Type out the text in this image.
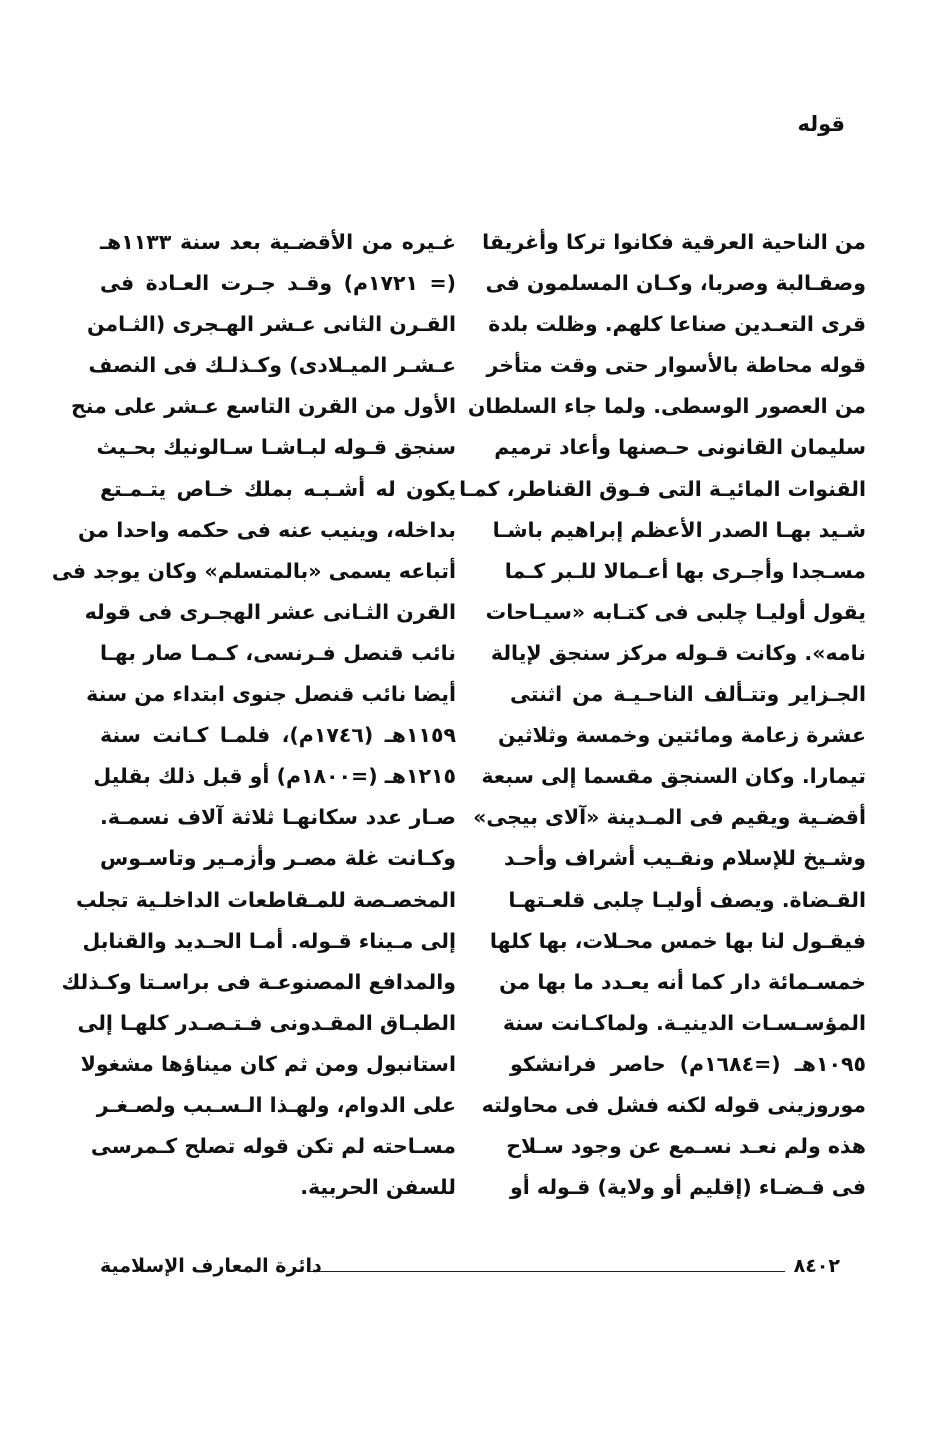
قوله
من الناحية العرقية فكانوا تركا وأغريقا
وصقـالبة وصربا، وكـان المسلمون فى
قرى التعـدين صناعا كلهم. وظلت بلدة
قوله محاطة بالأسوار حتى وقت متأخر
من العصور الوسطى. ولما جاء السلطان
سليمان القانونى حـصنها وأعاد ترميم
القنوات المائيـة التى فـوق القناطر، كمـا
شـيد بهـا الصدر الأعظم إبراهيم باشـا
مسـجدا وأجـرى بها أعـمالا للـبر كـما
يقول أوليـا چلبى فى كتـابه «سيـاحات
نامه». وكانت قـوله مركز سنجق لإيالة
الجـزاير وتتـألف الناحـيـة من اثنتى
عشرة زعامة ومائتين وخمسة وثلاثين
تيمارا. وكان السنجق مقسما إلى سبعة
أقضـية ويقيم فى المـدينة «آلاى بيجى»
وشـيخ للإسلام ونقـيب أشراف وأحـد
القـضاة. ويصف أوليـا چلبى قلعـتهـا
فيقـول لنا بها خمس محـلات، بها كلها
خمسـمائة دار كما أنه يعـدد ما بها من
المؤسـسـات الدينيـة. ولماكـانت سنة
١٠٩٥هـ (=١٦٨٤م) حاصر فرانشكو
موروزينى قوله لكنه فشل فى محاولته
هذه ولم نعـد نسـمع عن وجود سـلاح
فى قـضـاء (إقليم أو ولاية) قـوله أو
غـيره من الأقضـية بعد سنة ١١٣٣هـ
(= ١٧٢١م) وقـد جـرت العـادة فى
القـرن الثانى عـشر الهـجرى (الثـامن
عـشـر الميـلادى) وكـذلـك فى النصف
الأول من القرن التاسع عـشر على منح
سنجق قـوله لبـاشـا سـالونيك بحـيث
يكون له أشـبـه بملك خـاص يتـمـتع
بداخله، وينيب عنه فى حكمه واحدا من
أتباعه يسمى «بالمتسلم» وكان يوجد فى
القرن الثـانى عشر الهجـرى فى قوله
نائب قنصل فـرنسى، كـمـا صار بهـا
أيضا نائب قنصل جنوى ابتداء من سنة
١١٥٩هـ (١٧٤٦م)، فلمـا كـانت سنة
١٢١٥هـ (=١٨٠٠م) أو قبل ذلك بقليل
صـار عدد سكانهـا ثلاثة آلاف نسمـة.
وكـانت غلة مصـر وأزمـير وتاسـوس
المخصـصة للمـقاطعات الداخلـية تجلب
إلى مـيناء قـوله. أمـا الحـديد والقنابل
والمدافع المصنوعـة فى براسـتا وكـذلك
الطبـاق المقـدونى فـتـصـدر كلهـا إلى
استانبول ومن ثم كان ميناؤها مشغولا
على الدوام، ولهـذا الـسـبب ولصـغـر
مسـاحته لم تكن قوله تصلح كـمرسى
للسفن الحربية.
٨٤٠٢
دائرة المعارف الإسلامية
